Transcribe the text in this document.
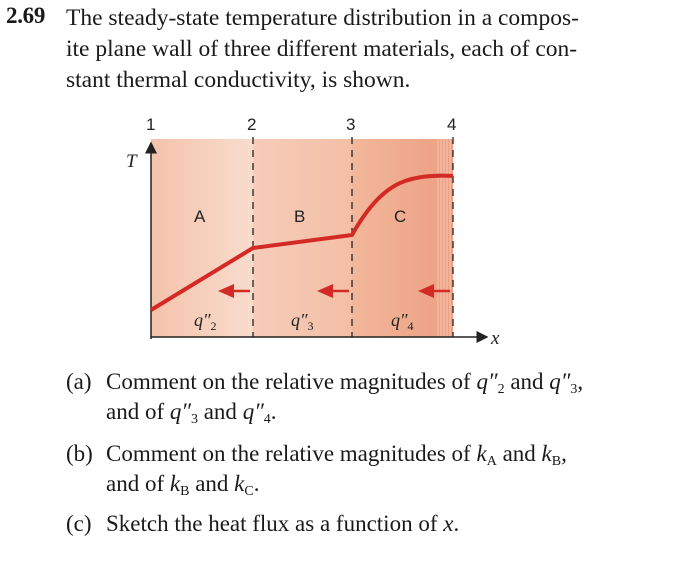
2.69 The steady-state temperature distribution in a compos-
ite plane wall of three different materials, each of con-
stant thermal conductivity, is shown.
T
x
1	2	3	4
A	B	C
$q''_2$	$q''_3$	$q''_4$
(a) Comment on the relative magnitudes of $q''_2$ and $q''_3$,
and of $q''_3$ and $q''_4$.
(b) Comment on the relative magnitudes of $k_A$ and $k_B$,
and of $k_B$ and $k_C$.
(c) Sketch the heat flux as a function of x.
